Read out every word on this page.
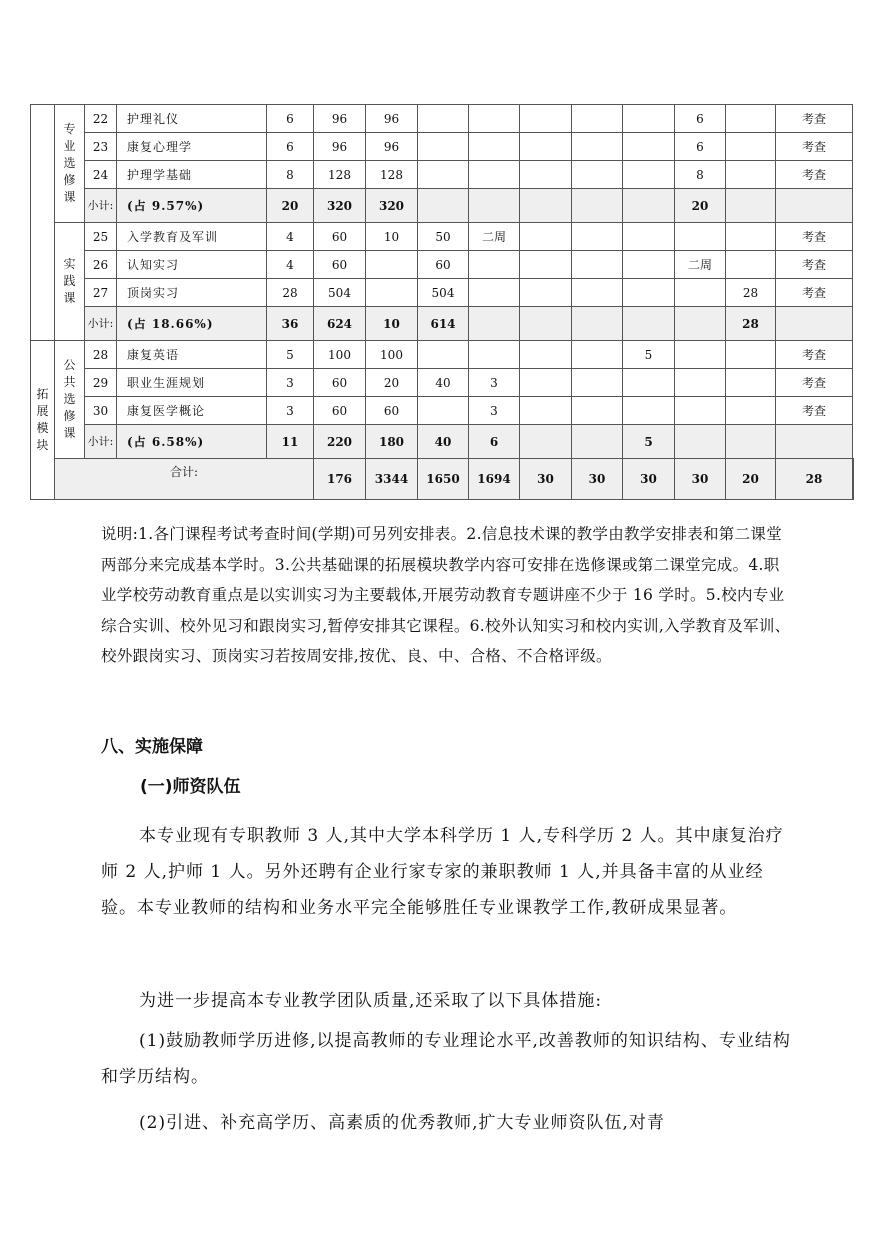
	专业选修课	22	护理礼仪	6	96	96						6		考查	
		23	康复心理学	6	96	96						6		考查	
		24	护理学基础	8	128	128						8		考查	
		小计:	(占 9.57%)	20	320	320						20			
	实践课	25	入学教育及军训	4	60	10	50	二周						考查	
		26	认知实习	4	60		60					二周		考查	
		27	顶岗实习	28	504		504						28	考查	
		小计:	(占 18.66%)	36	624	10	614						28		
拓展模块	公共选修课	28	康复英语	5	100	100					5			考查	
		29	职业生涯规划	3	60	20	40	3						考查	
		30	康复医学概论	3	60	60		3						考查	
		小计:	(占 6.58%)	11	220	180	40	6			5				
	合计:				176	3344	1650	1694	30	30	30	30	20	28	
说明:1.各门课程考试考查时间(学期)可另列安排表。2.信息技术课的教学由教学安排表和第二课堂两部分来完成基本学时。3.公共基础课的拓展模块教学内容可安排在选修课或第二课堂完成。4.职业学校劳动教育重点是以实训实习为主要载体,开展劳动教育专题讲座不少于 16 学时。5.校内专业综合实训、校外见习和跟岗实习,暂停安排其它课程。6.校外认知实习和校内实训,入学教育及军训、校外跟岗实习、顶岗实习若按周安排,按优、良、中、合格、不合格评级。
八、实施保障
(一)师资队伍

本专业现有专职教师 3 人,其中大学本科学历 1 人,专科学历 2 人。其中康复治疗师 2 人,护师 1 人。另外还聘有企业行家专家的兼职教师 1 人,并具备丰富的从业经验。本专业教师的结构和业务水平完全能够胜任专业课教学工作,教研成果显著。

为进一步提高本专业教学团队质量,还采取了以下具体措施:

(1)鼓励教师学历进修,以提高教师的专业理论水平,改善教师的知识结构、专业结构和学历结构。

(2)引进、补充高学历、高素质的优秀教师,扩大专业师资队伍,对青
